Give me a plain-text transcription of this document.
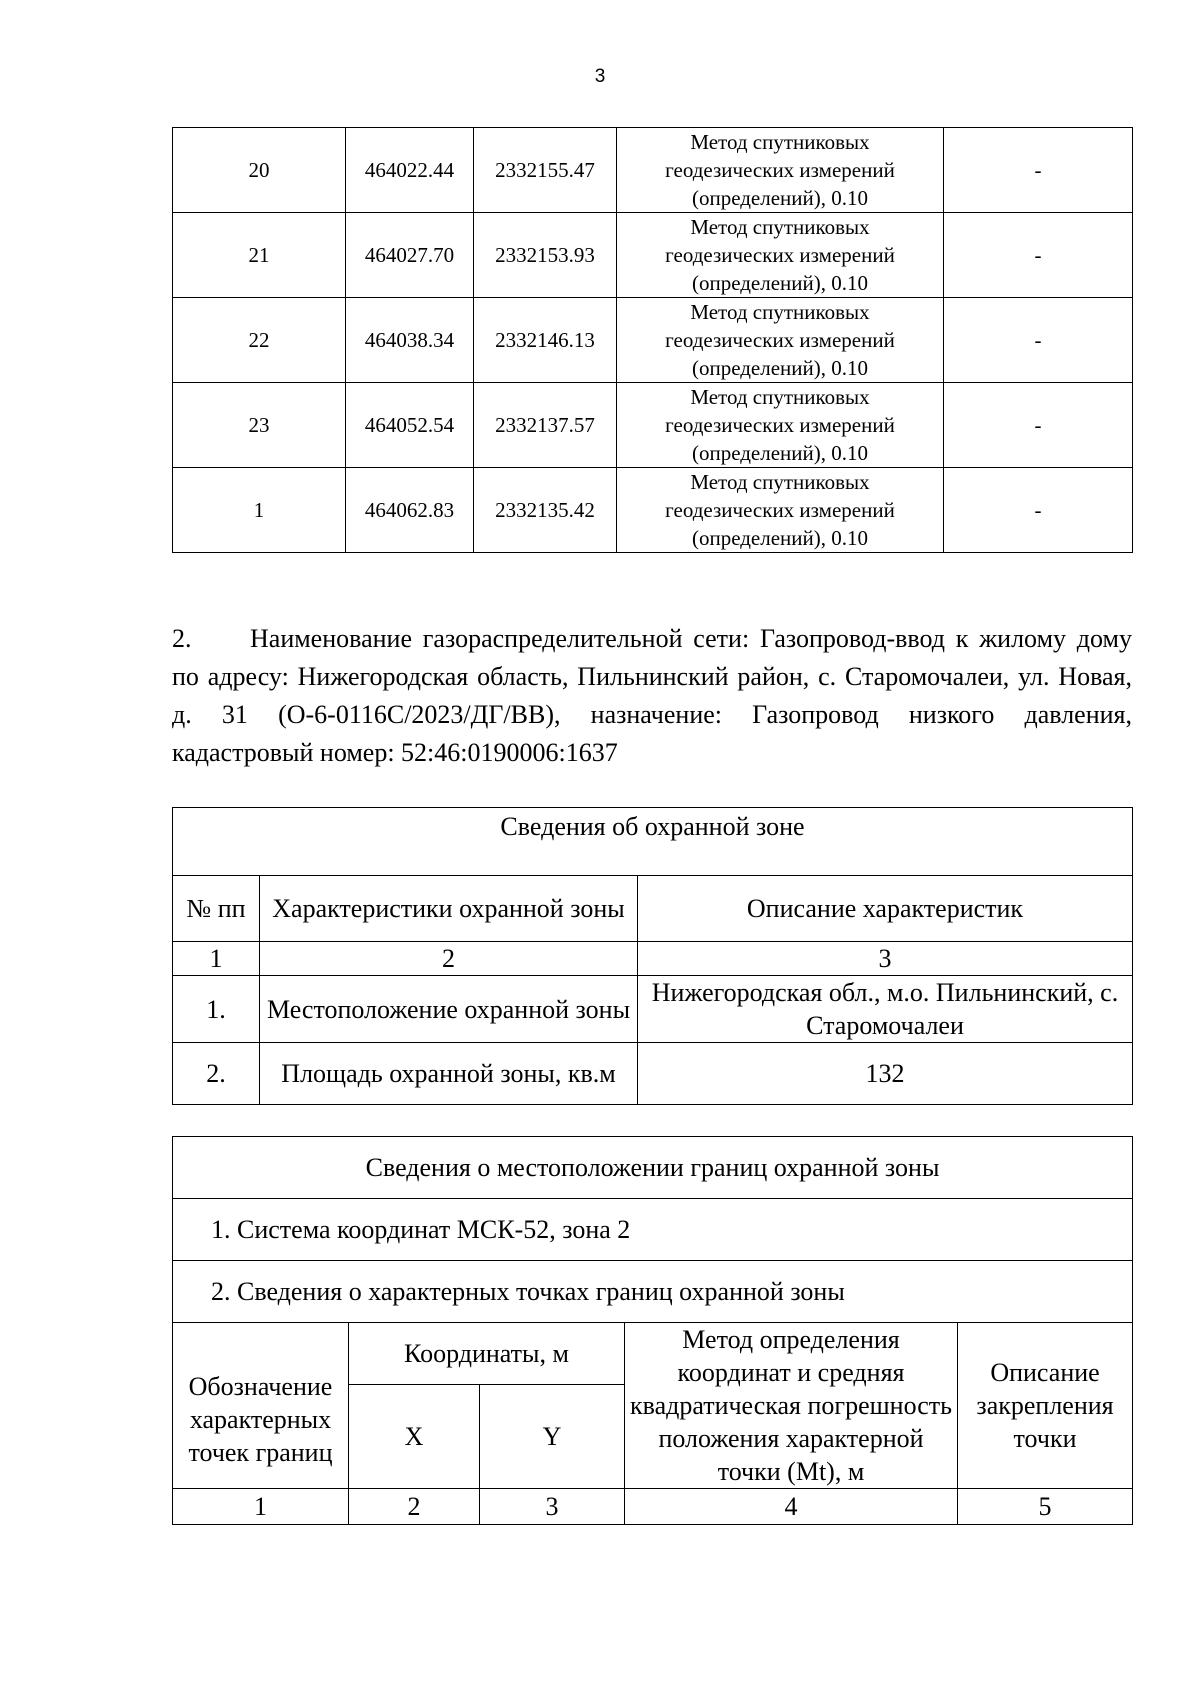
3
20	464022.44	2332155.47	Метод спутниковых
геодезических измерений
(определений), 0.10	-
21	464027.70	2332153.93	Метод спутниковых
геодезических измерений
(определений), 0.10	-
22	464038.34	2332146.13	Метод спутниковых
геодезических измерений
(определений), 0.10	-
23	464052.54	2332137.57	Метод спутниковых
геодезических измерений
(определений), 0.10	-
1	464062.83	2332135.42	Метод спутниковых
геодезических измерений
(определений), 0.10	-

2. Наименование газораспределительной сети: Газопровод-ввод к жилому дому по адресу: Нижегородская область, Пильнинский район, с. Старомочалеи, ул. Новая, д. 31 (О-6-0116С/2023/ДГ/ВВ), назначение: Газопровод низкого давления, кадастровый номер: 52:46:0190006:1637

Сведения об охранной зоне		
№ пп	Характеристики охранной зоны	Описание характеристик
1	2	3
1.	Местоположение охранной зоны	Нижегородская обл., м.о. Пильнинский, с. Старомочалеи
2.	Площадь охранной зоны, кв.м	132
Сведения о местоположении границ охранной зоны				
1. Система координат МСК-52, зона 2				
2. Сведения о характерных точках границ охранной зоны				
Обозначение характерных точек границ	Координаты, м		Метод определения координат и средняя квадратическая погрешность положения характерной точки (Mt), м	Описание закрепления точки
	X	Y		
1	2	3	4	5
